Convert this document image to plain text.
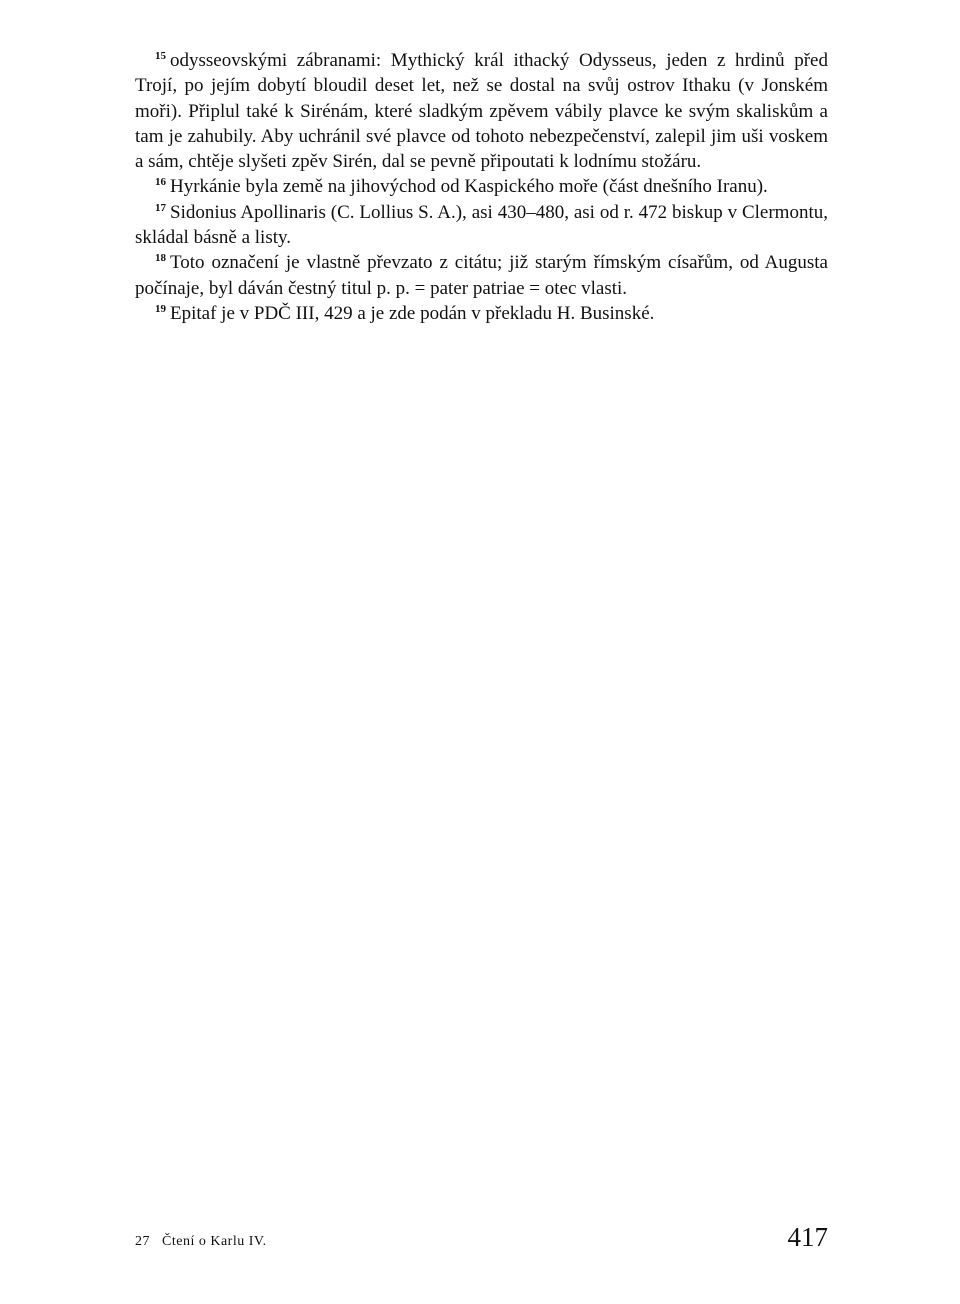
$^{15}$ odysseovskými zábranami: Mythický král ithacký Odysseus, jeden z hrdinů před Trojí, po jejím dobytí bloudil deset let, než se dostal na svůj ostrov Ithaku (v Jonském moři). Připlul také k Sirénám, které sladkým zpěvem vábily plavce ke svým skaliskům a tam je zahubily. Aby uchránil své plavce od tohoto nebezpečenství, zalepil jim uši voskem a sám, chtěje slyšeti zpěv Sirén, dal se pevně připoutati k lodnímu stožáru.

$^{16}$ Hyrkánie byla země na jihovýchod od Kaspického moře (část dnešního Iranu).

$^{17}$ Sidonius Apollinaris (C. Lollius S. A.), asi 430–480, asi od r. 472 biskup v Clermontu, skládal básně a listy.

$^{18}$ Toto označení je vlastně převzato z citátu; již starým římským císařům, od Augusta počínaje, byl dáván čestný titul p. p. = pater patriae = otec vlasti.

$^{19}$ Epitaf je v PDČ III, 429 a je zde podán v překladu H. Businské.

27 Čtení o Karlu IV.	417
